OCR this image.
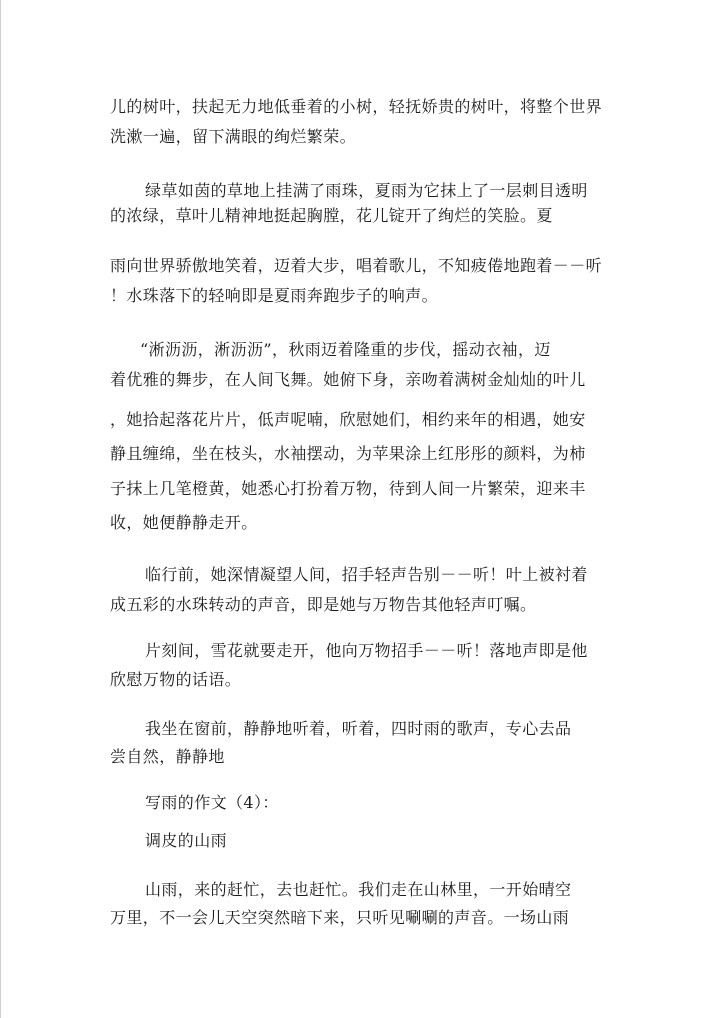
儿的树叶，扶起无力地低垂着的小树，轻抚娇贵的树叶，将整个世界
洗漱一遍，留下满眼的绚烂繁荣。
绿草如茵的草地上挂满了雨珠，夏雨为它抹上了一层刺目透明
的浓绿，草叶儿精神地挺起胸膛，花儿锭开了绚烂的笑脸。夏
雨向世界骄傲地笑着，迈着大步，唱着歌儿，不知疲倦地跑着－－听
！水珠落下的轻响即是夏雨奔跑步子的响声。
“淅沥沥，淅沥沥”，秋雨迈着隆重的步伐，摇动衣袖，迈
着优雅的舞步，在人间飞舞。她俯下身，亲吻着满树金灿灿的叶儿
，她拾起落花片片，低声呢喃，欣慰她们，相约来年的相遇，她安
静且缠绵，坐在枝头，水袖摆动，为苹果涂上红彤彤的颜料，为柿
子抹上几笔橙黄，她悉心打扮着万物，待到人间一片繁荣，迎来丰
收，她便静静走开。
临行前，她深情凝望人间，招手轻声告别－－听！叶上被衬着
成五彩的水珠转动的声音，即是她与万物告其他轻声叮嘱。
片刻间，雪花就要走开，他向万物招手－－听！落地声即是他
欣慰万物的话语。
我坐在窗前，静静地听着，听着，四时雨的歌声，专心去品
尝自然，静静地
写雨的作文（4）：
调皮的山雨
山雨，来的赶忙，去也赶忙。我们走在山林里，一开始晴空
万里，不一会儿天空突然暗下来，只听见唰唰的声音。一场山雨
